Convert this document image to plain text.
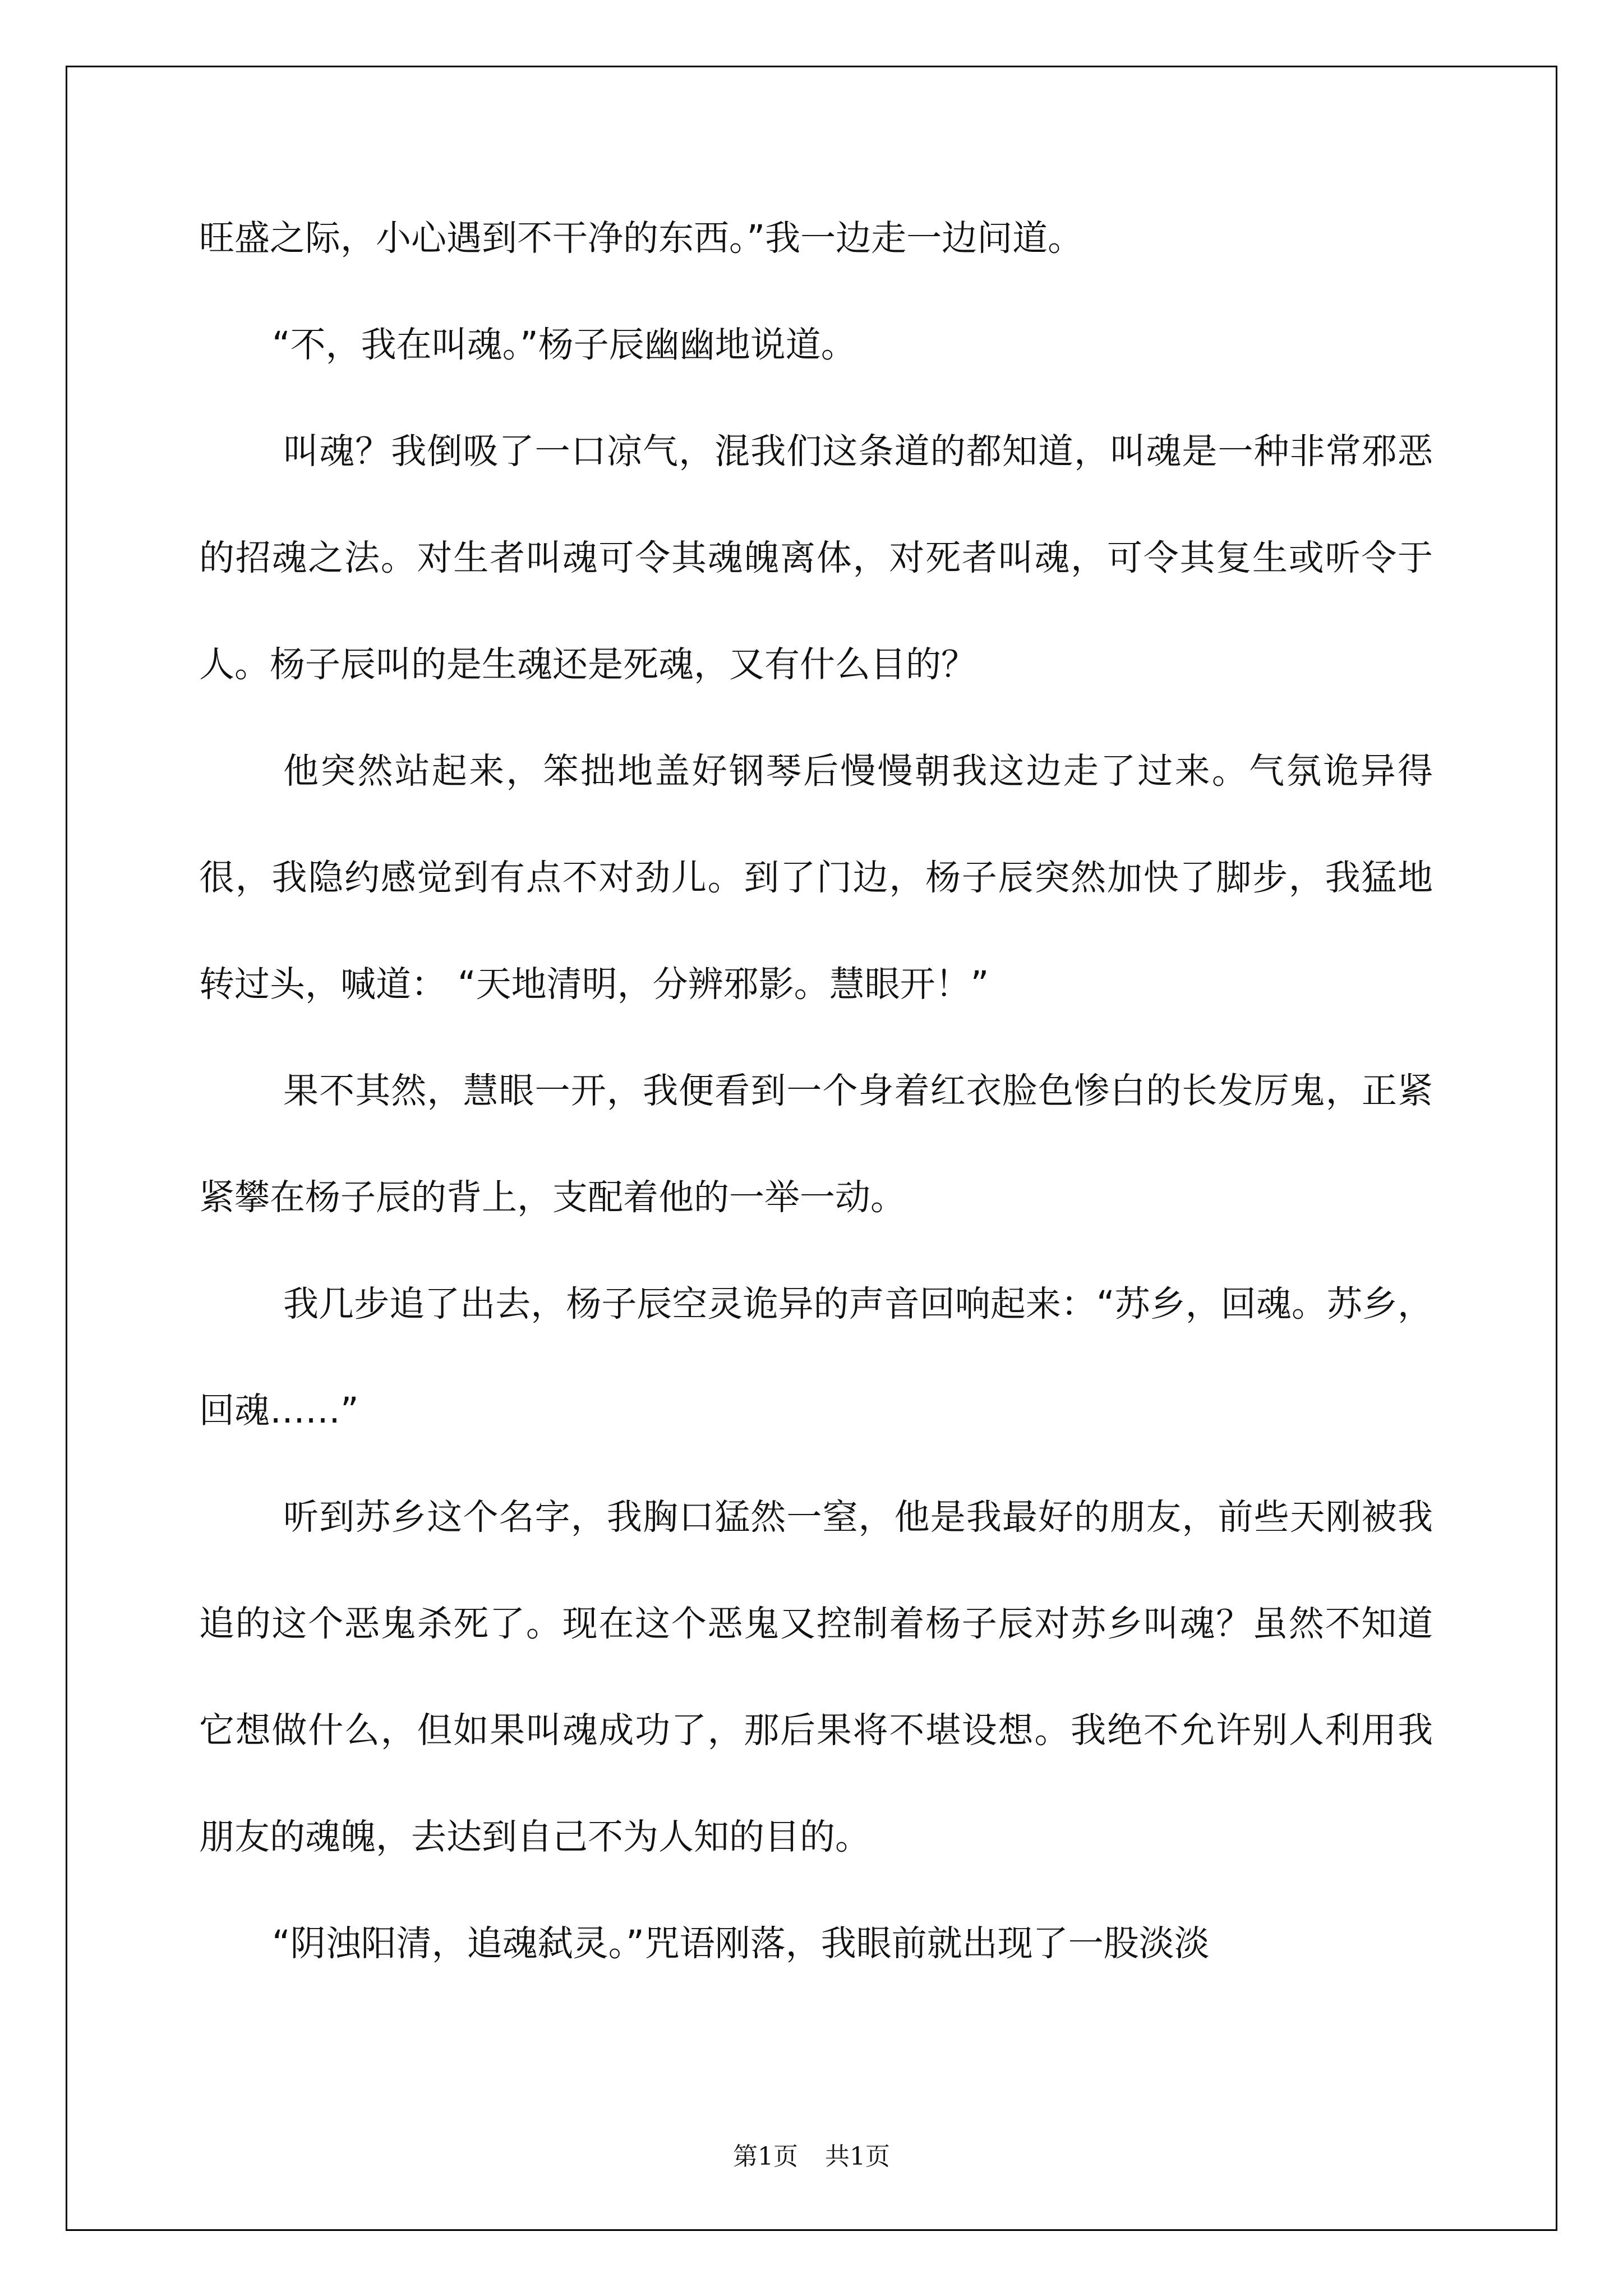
旺盛之际，小心遇到不干净的东西。”我一边走一边问道。

“不，我在叫魂。”杨子辰幽幽地说道。

叫魂？我倒吸了一口凉气，混我们这条道的都知道，叫魂是一种非常邪恶的招魂之法。对生者叫魂可令其魂魄离体，对死者叫魂，可令其复生或听令于人。杨子辰叫的是生魂还是死魂，又有什么目的？

他突然站起来，笨拙地盖好钢琴后慢慢朝我这边走了过来。气氛诡异得很，我隐约感觉到有点不对劲儿。到了门边，杨子辰突然加快了脚步，我猛地转过头，喊道： “天地清明，分辨邪影。慧眼开！”

果不其然，慧眼一开，我便看到一个身着红衣脸色惨白的长发厉鬼，正紧紧攀在杨子辰的背上，支配着他的一举一动。

我几步追了出去，杨子辰空灵诡异的声音回响起来：“苏乡，回魂。苏乡，回魂……”

听到苏乡这个名字，我胸口猛然一窒，他是我最好的朋友，前些天刚被我追的这个恶鬼杀死了。现在这个恶鬼又控制着杨子辰对苏乡叫魂？虽然不知道它想做什么，但如果叫魂成功了，那后果将不堪设想。我绝不允许别人利用我朋友的魂魄，去达到自己不为人知的目的。

“阴浊阳清，追魂弑灵。”咒语刚落，我眼前就出现了一股淡淡

第1页 共1页
